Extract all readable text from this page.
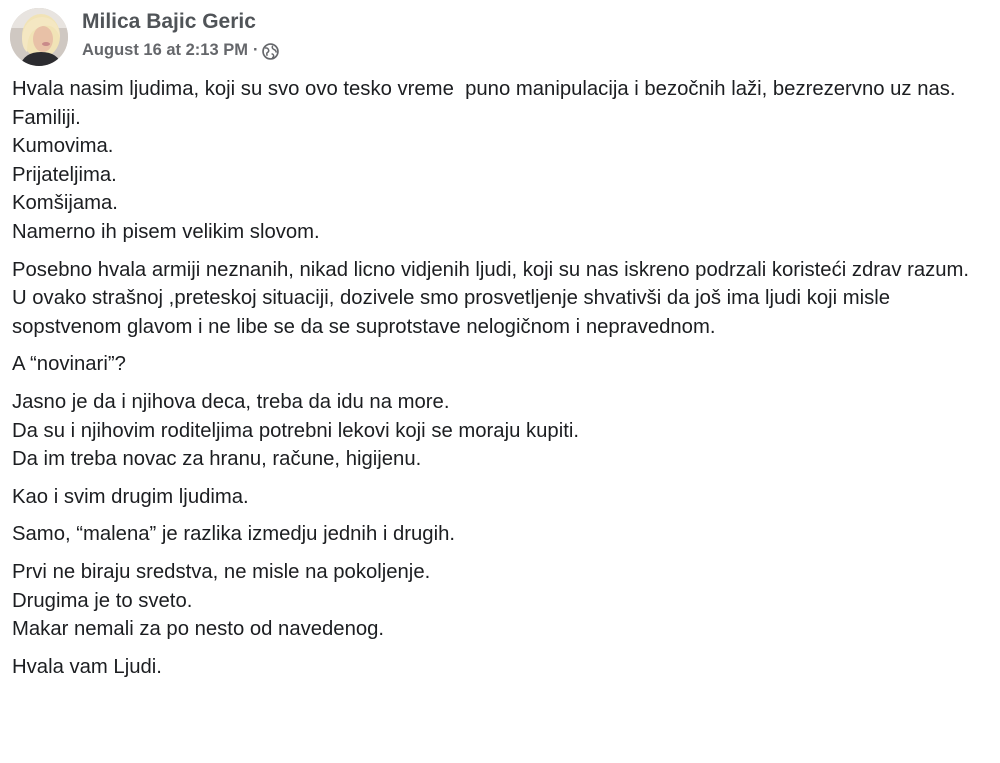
Milica Bajic Geric
August 16 at 2:13 PM ·
Hvala nasim ljudima, koji su svo ovo tesko vreme  puno manipulacija i bezočnih laži, bezrezervno uz nas.
Familiji.
Kumovima.
Prijateljima.
Komšijama.
Namerno ih pisem velikim slovom.
Posebno hvala armiji neznanih, nikad licno vidjenih ljudi, koji su nas iskreno podrzali koristeći zdrav razum.
U ovako strašnoj ,preteskoj situaciji, dozivele smo prosvetljenje shvativši da još ima ljudi koji misle sopstvenom glavom i ne libe se da se suprotstave nelogičnom i nepravednom.
A “novinari”?
Jasno je da i njihova deca, treba da idu na more.
Da su i njihovim roditeljima potrebni lekovi koji se moraju kupiti.
Da im treba novac za hranu, račune, higijenu.
Kao i svim drugim ljudima.
Samo, “malena” je razlika izmedju jednih i drugih.
Prvi ne biraju sredstva, ne misle na pokoljenje.
Drugima je to sveto.
Makar nemali za po nesto od navedenog.
Hvala vam Ljudi.
